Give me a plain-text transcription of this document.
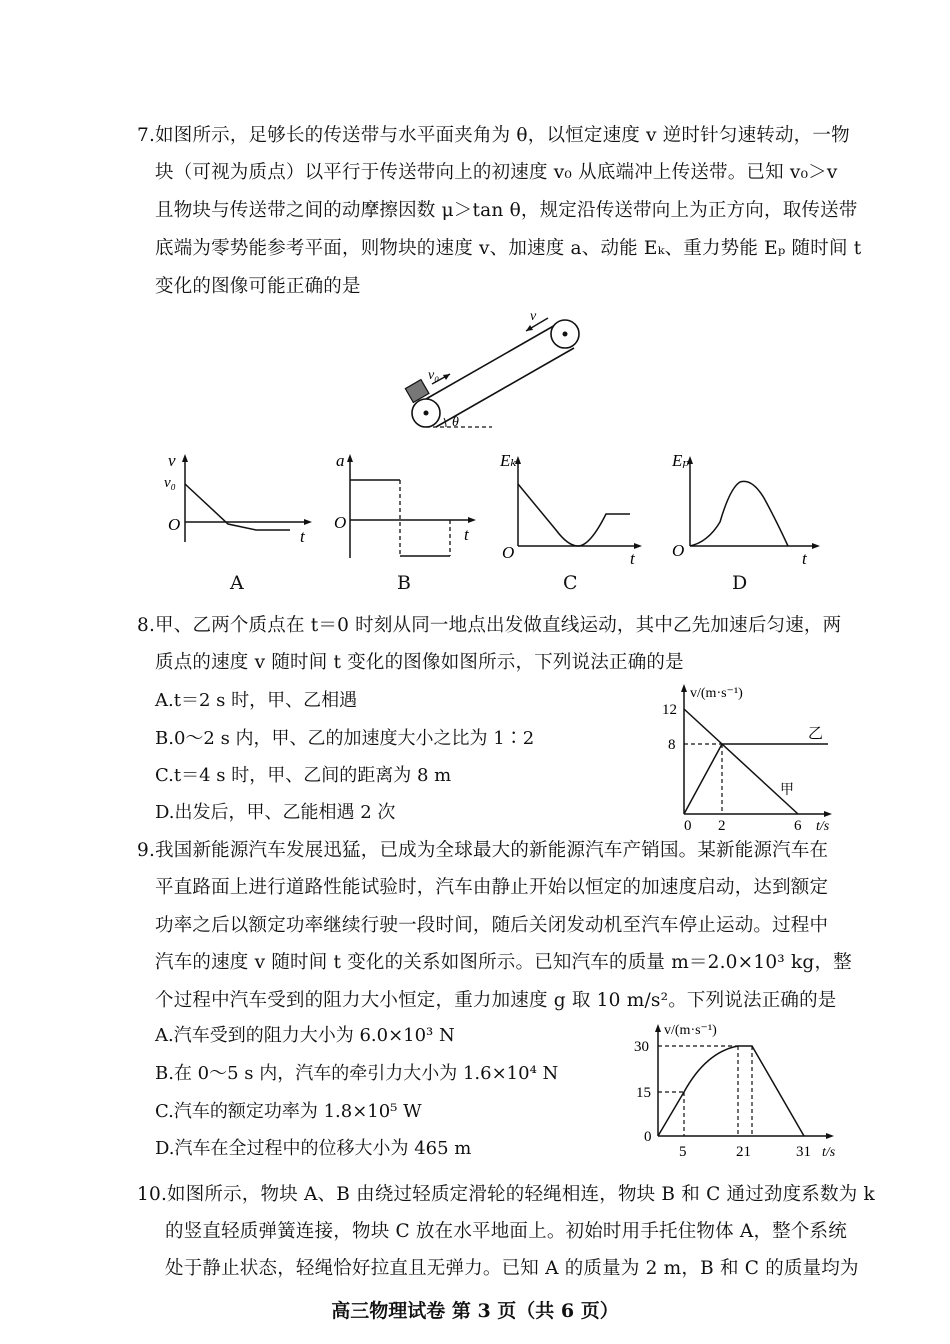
7.如图所示，足够长的传送带与水平面夹角为 θ，以恒定速度 v 逆时针匀速转动，一物
块（可视为质点）以平行于传送带向上的初速度 v₀ 从底端冲上传送带。已知 v₀＞v
且物块与传送带之间的动摩擦因数 μ＞tan θ，规定沿传送带向上为正方向，取传送带
底端为零势能参考平面，则物块的速度 v、加速度 a、动能 Eₖ、重力势能 Eₚ 随时间 t
变化的图像可能正确的是
v₀
v
θ
v
v₀
O
t
A
a
O
t
B
Eₖ
O	t
C
Eₚ
O	t
D
8.甲、乙两个质点在 t＝0 时刻从同一地点出发做直线运动，其中乙先加速后匀速，两
质点的速度 v 随时间 t 变化的图像如图所示，下列说法正确的是
A.t＝2 s 时，甲、乙相遇
B.0～2 s 内，甲、乙的加速度大小之比为 1∶2
C.t＝4 s 时，甲、乙间的距离为 8 m
D.出发后，甲、乙能相遇 2 次
v/(m·s⁻¹)
12
8
0 2	6 t/s
乙
甲
9.我国新能源汽车发展迅猛，已成为全球最大的新能源汽车产销国。某新能源汽车在
平直路面上进行道路性能试验时，汽车由静止开始以恒定的加速度启动，达到额定
功率之后以额定功率继续行驶一段时间，随后关闭发动机至汽车停止运动。过程中
汽车的速度 v 随时间 t 变化的关系如图所示。已知汽车的质量 m＝2.0×10³ kg，整
个过程中汽车受到的阻力大小恒定，重力加速度 g 取 10 m/s²。下列说法正确的是
A.汽车受到的阻力大小为 6.0×10³ N
B.在 0～5 s 内，汽车的牵引力大小为 1.6×10⁴ N
C.汽车的额定功率为 1.8×10⁵ W
D.汽车在全过程中的位移大小为 465 m
v/(m·s⁻¹)
30
15
0
5	21	31 t/s
10.如图所示，物块 A、B 由绕过轻质定滑轮的轻绳相连，物块 B 和 C 通过劲度系数为 k
的竖直轻质弹簧连接，物块 C 放在水平地面上。初始时用手托住物体 A，整个系统
处于静止状态，轻绳恰好拉直且无弹力。已知 A 的质量为 2 m，B 和 C 的质量均为
高三物理试卷 第 3 页（共 6 页）
